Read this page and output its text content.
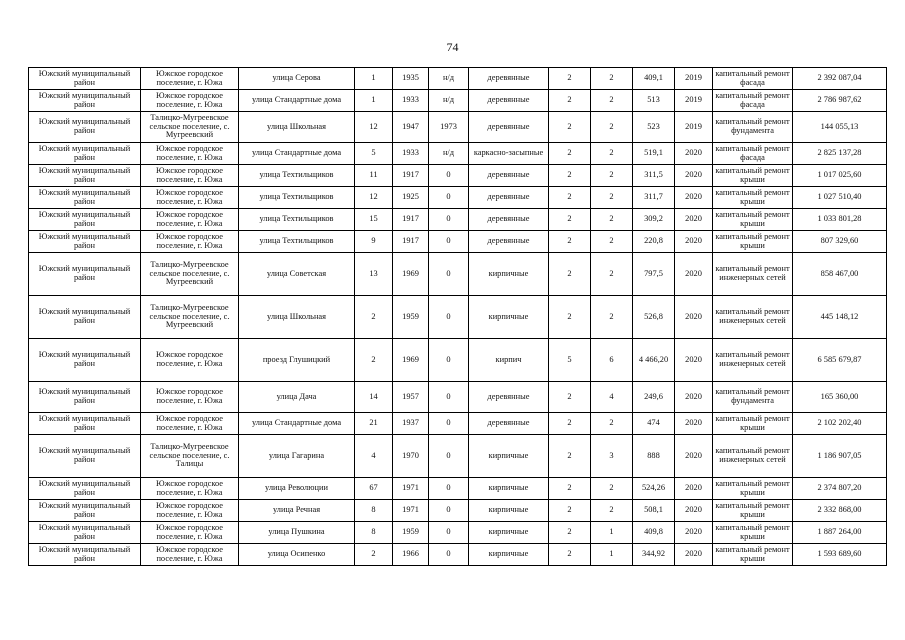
74
Южский муниципальный район	Южское городское поселение, г. Южа	улица Серова	1	1935	н/д	деревянные	2	2	409,1	2019	капитальный ремонт фасада	2 392 087,04
Южский муниципальный район	Южское городское поселение, г. Южа	улица Стандартные дома	1	1933	н/д	деревянные	2	2	513	2019	капитальный ремонт фасада	2 786 987,62
Южский муниципальный район	Талицко-Мугреевское сельское поселение, с. Мугреевский	улица Школьная	12	1947	1973	деревянные	2	2	523	2019	капитальный ремонт фундамента	144 055,13
Южский муниципальный район	Южское городское поселение, г. Южа	улица Стандартные дома	5	1933	н/д	каркасно-засыпные	2	2	519,1	2020	капитальный ремонт фасада	2 825 137,28
Южский муниципальный район	Южское городское поселение, г. Южа	улица Техтильщиков	11	1917	0	деревянные	2	2	311,5	2020	капитальный ремонт крыши	1 017 025,60
Южский муниципальный район	Южское городское поселение, г. Южа	улица Техтильщиков	12	1925	0	деревянные	2	2	311,7	2020	капитальный ремонт крыши	1 027 510,40
Южский муниципальный район	Южское городское поселение, г. Южа	улица Техтильщиков	15	1917	0	деревянные	2	2	309,2	2020	капитальный ремонт крыши	1 033 801,28
Южский муниципальный район	Южское городское поселение, г. Южа	улица Техтильщиков	9	1917	0	деревянные	2	2	220,8	2020	капитальный ремонт крыши	807 329,60
Южский муниципальный район	Талицко-Мугреевское сельское поселение, с. Мугреевский	улица Советская	13	1969	0	кирпичные	2	2	797,5	2020	капитальный ремонт инженерных сетей	858 467,00
Южский муниципальный район	Талицко-Мугреевское сельское поселение, с. Мугреевский	улица Школьная	2	1959	0	кирпичные	2	2	526,8	2020	капитальный ремонт инженерных сетей	445 148,12
Южский муниципальный район	Южское городское поселение, г. Южа	проезд Глушицкий	2	1969	0	кирпич	5	6	4 466,20	2020	капитальный ремонт инженерных сетей	6 585 679,87
Южский муниципальный район	Южское городское поселение, г. Южа	улица Дача	14	1957	0	деревянные	2	4	249,6	2020	капитальный ремонт фундамента	165 360,00
Южский муниципальный район	Южское городское поселение, г. Южа	улица Стандартные дома	21	1937	0	деревянные	2	2	474	2020	капитальный ремонт крыши	2 102 202,40
Южский муниципальный район	Талицко-Мугреевское сельское поселение, с. Талицы	улица Гагарина	4	1970	0	кирпичные	2	3	888	2020	капитальный ремонт инженерных сетей	1 186 907,05
Южский муниципальный район	Южское городское поселение, г. Южа	улица Революции	67	1971	0	кирпичные	2	2	524,26	2020	капитальный ремонт крыши	2 374 807,20
Южский муниципальный район	Южское городское поселение, г. Южа	улица Речная	8	1971	0	кирпичные	2	2	508,1	2020	капитальный ремонт крыши	2 332 868,00
Южский муниципальный район	Южское городское поселение, г. Южа	улица Пушкина	8	1959	0	кирпичные	2	1	409,8	2020	капитальный ремонт крыши	1 887 264,00
Южский муниципальный район	Южское городское поселение, г. Южа	улица Осипенко	2	1966	0	кирпичные	2	1	344,92	2020	капитальный ремонт крыши	1 593 689,60
